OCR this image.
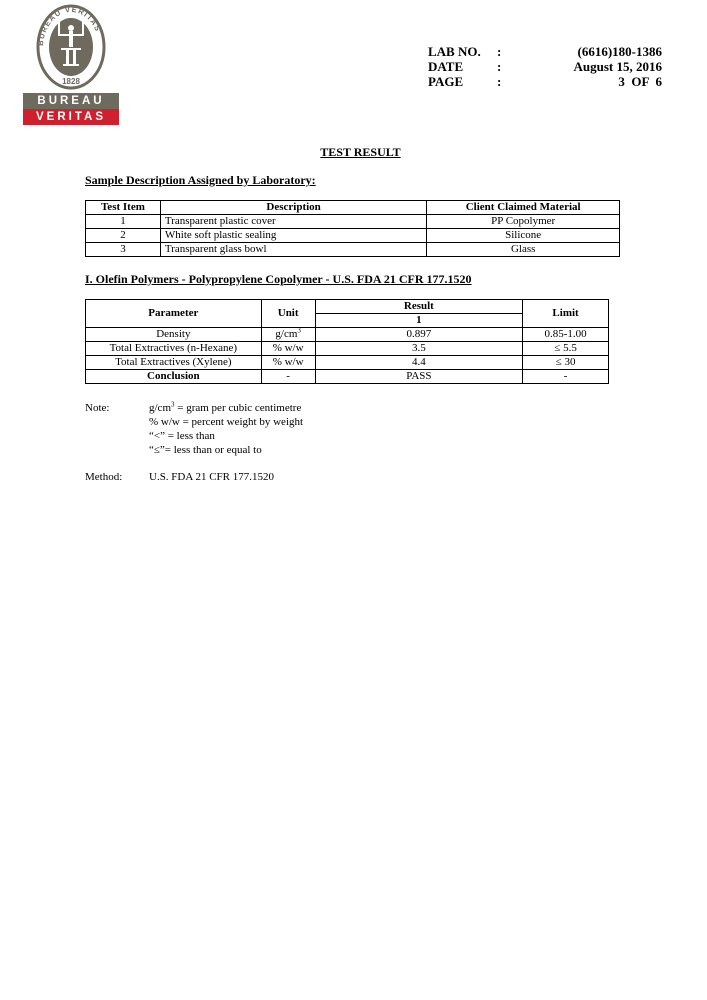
BUREAU VERITAS
1828
BUREAU
VERITAS
LAB NO.	:	(6616)180-1386
DATE	:	August 15, 2016
PAGE	:	3  OF  6
TEST RESULT
Sample Description Assigned by Laboratory:
Test Item	Description	Client Claimed Material
1	Transparent plastic cover	PP Copolymer
2	White soft plastic sealing	Silicone
3	Transparent glass bowl	Glass
I. Olefin Polymers - Polypropylene Copolymer - U.S. FDA 21 CFR 177.1520
Parameter	Unit	Result	Limit
		1	
Density	$g/cm^3$	0.897	0.85-1.00
Total Extractives (n-Hexane)	% w/w	3.5	≤ 5.5
Total Extractives (Xylene)	% w/w	4.4	≤ 30
Conclusion	-	PASS	-
Note:	$g/cm^3$ = gram per cubic centimetre
% w/w = percent weight by weight
“<” = less than
“≤”= less than or equal to
Method: U.S. FDA 21 CFR 177.1520
